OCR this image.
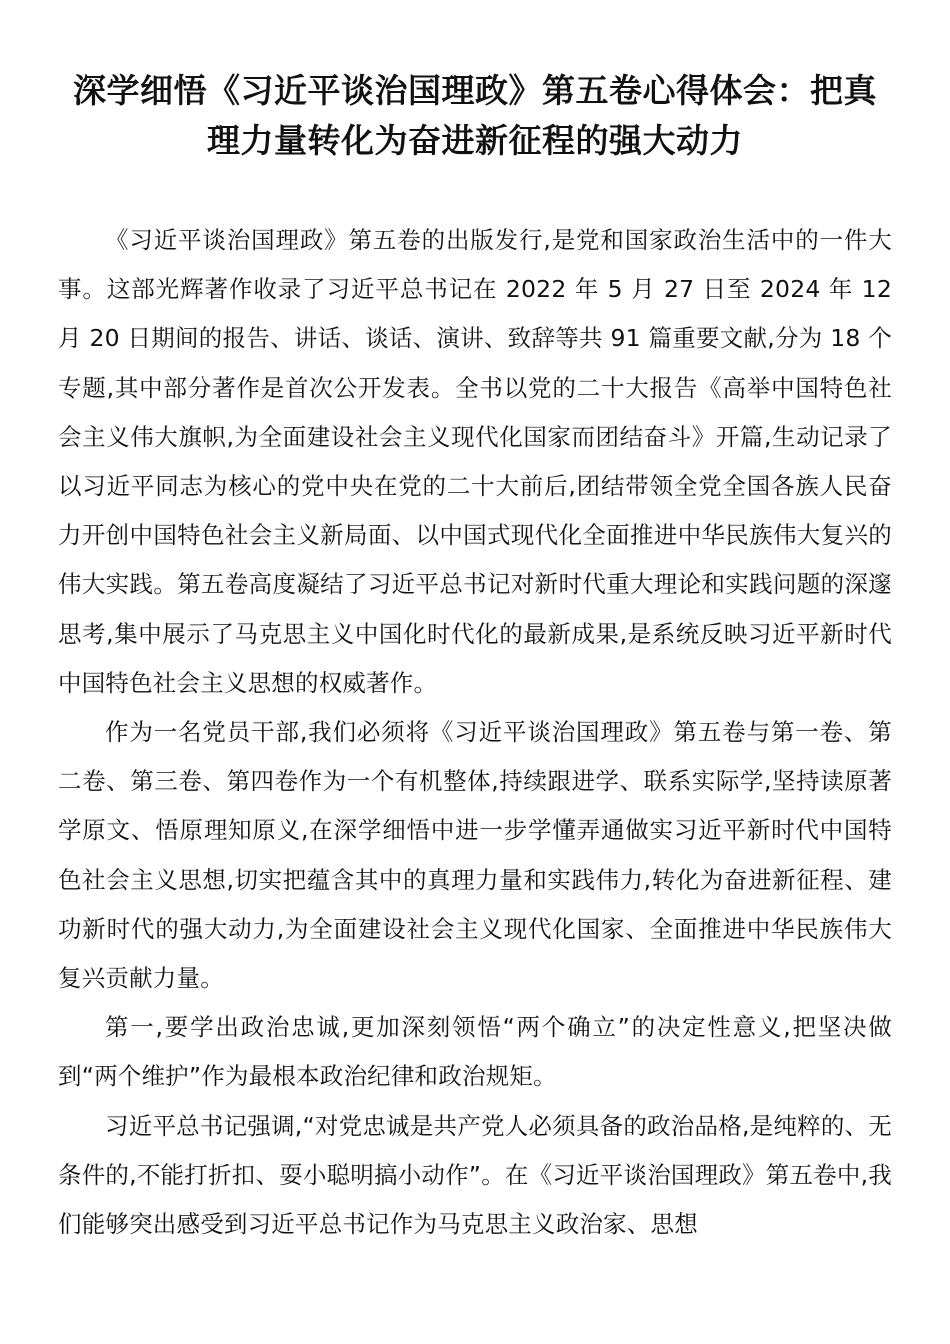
深学细悟《习近平谈治国理政》第五卷心得体会：把真理力量转化为奋进新征程的强大动力

《习近平谈治国理政》第五卷的出版发行,是党和国家政治生活中的一件大事。这部光辉著作收录了习近平总书记在 2022 年 5 月 27 日至 2024 年 12 月 20 日期间的报告、讲话、谈话、演讲、致辞等共 91 篇重要文献,分为 18 个专题,其中部分著作是首次公开发表。全书以党的二十大报告《高举中国特色社会主义伟大旗帜,为全面建设社会主义现代化国家而团结奋斗》开篇,生动记录了以习近平同志为核心的党中央在党的二十大前后,团结带领全党全国各族人民奋力开创中国特色社会主义新局面、以中国式现代化全面推进中华民族伟大复兴的伟大实践。第五卷高度凝结了习近平总书记对新时代重大理论和实践问题的深邃思考,集中展示了马克思主义中国化时代化的最新成果,是系统反映习近平新时代中国特色社会主义思想的权威著作。

作为一名党员干部,我们必须将《习近平谈治国理政》第五卷与第一卷、第二卷、第三卷、第四卷作为一个有机整体,持续跟进学、联系实际学,坚持读原著学原文、悟原理知原义,在深学细悟中进一步学懂弄通做实习近平新时代中国特色社会主义思想,切实把蕴含其中的真理力量和实践伟力,转化为奋进新征程、建功新时代的强大动力,为全面建设社会主义现代化国家、全面推进中华民族伟大复兴贡献力量。

第一,要学出政治忠诚,更加深刻领悟“两个确立”的决定性意义,把坚决做到“两个维护”作为最根本政治纪律和政治规矩。

习近平总书记强调,“对党忠诚是共产党人必须具备的政治品格,是纯粹的、无条件的,不能打折扣、耍小聪明搞小动作”。在《习近平谈治国理政》第五卷中,我们能够突出感受到习近平总书记作为马克思主义政治家、思想
